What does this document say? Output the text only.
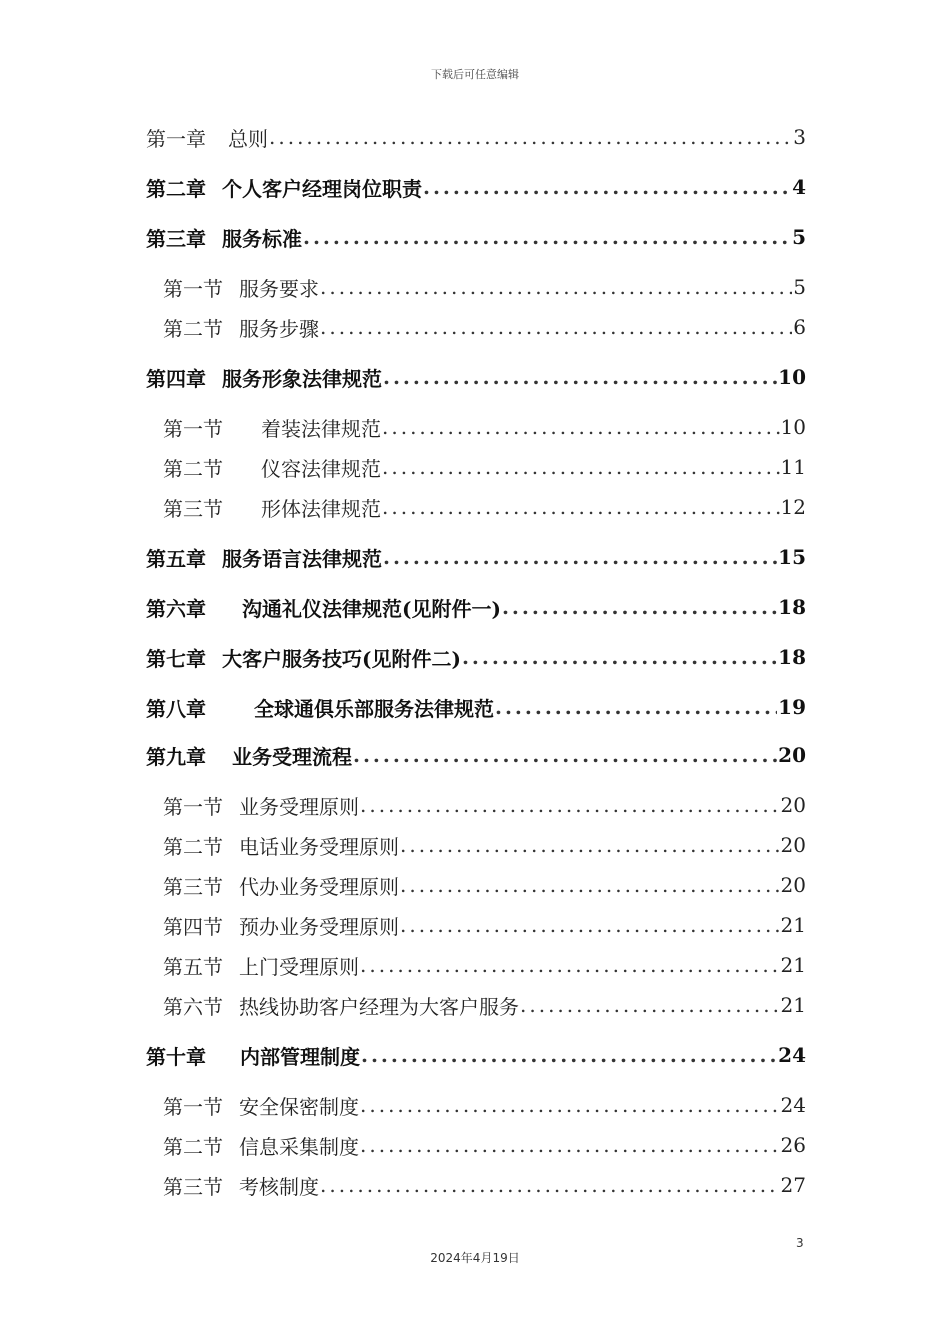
下载后可任意编辑
第一章 总则 .....	3
第二章 个人客户经理岗位职责 .....	4
第三章 服务标准 .....	5
第一节 服务要求 .....	5
第二节 服务步骤 .....	6
第四章 服务形象法律规范 .....	10
第一节 着装法律规范 .....	10
第二节 仪容法律规范 .....	11
第三节 形体法律规范 .....	12
第五章 服务语言法律规范 .....	15
第六章 沟通礼仪法律规范(见附件一) .....	18
第七章 大客户服务技巧(见附件二) .....	18
第八章 全球通俱乐部服务法律规范 .....	19
第九章 业务受理流程 .....	20
第一节 业务受理原则 .....	20
第二节 电话业务受理原则 .....	20
第三节 代办业务受理原则 .....	20
第四节 预办业务受理原则 .....	21
第五节 上门受理原则 .....	21
第六节 热线协助客户经理为大客户服务 .....	21
第十章 内部管理制度 .....	24
第一节 安全保密制度 .....	24
第二节 信息采集制度 .....	26
第三节 考核制度 .....	27
3
2024年4月19日
